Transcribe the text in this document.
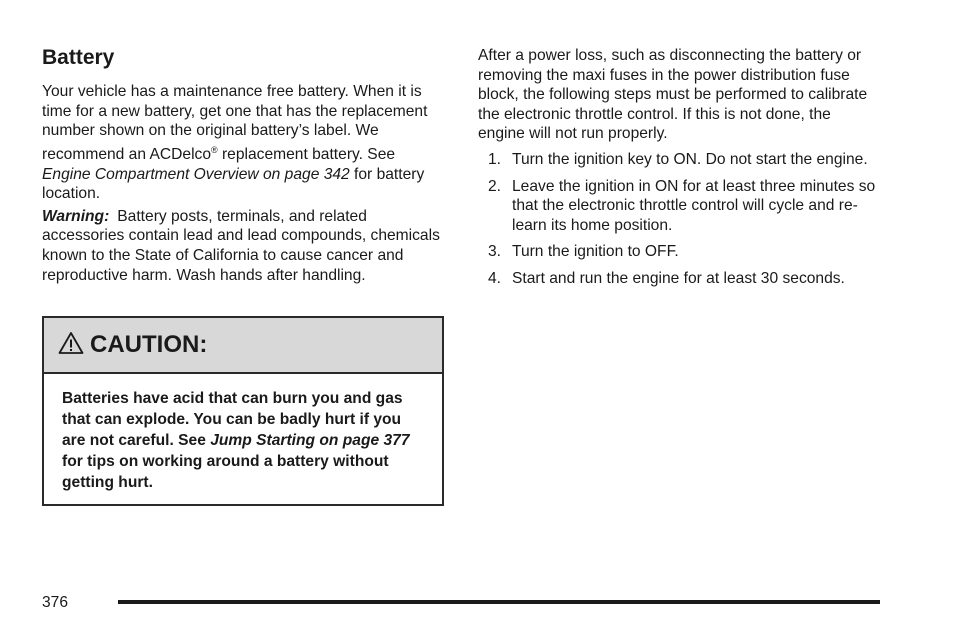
Battery

Your vehicle has a maintenance free battery. When it is time for a new battery, get one that has the replacement number shown on the original battery’s label. We recommend an ACDelco® replacement battery. See Engine Compartment Overview on page 342 for battery location.

Warning: Battery posts, terminals, and related accessories contain lead and lead compounds, chemicals known to the State of California to cause cancer and reproductive harm. Wash hands after handling.

CAUTION:
Batteries have acid that can burn you and gas that can explode. You can be badly hurt if you are not careful. See Jump Starting on page 377 for tips on working around a battery without getting hurt.

After a power loss, such as disconnecting the battery or removing the maxi fuses in the power distribution fuse block, the following steps must be performed to calibrate the electronic throttle control. If this is not done, the engine will not run properly.

1. Turn the ignition key to ON. Do not start the engine.
2. Leave the ignition in ON for at least three minutes so that the electronic throttle control will cycle and re-learn its home position.
3. Turn the ignition to OFF.
4. Start and run the engine for at least 30 seconds.
376
